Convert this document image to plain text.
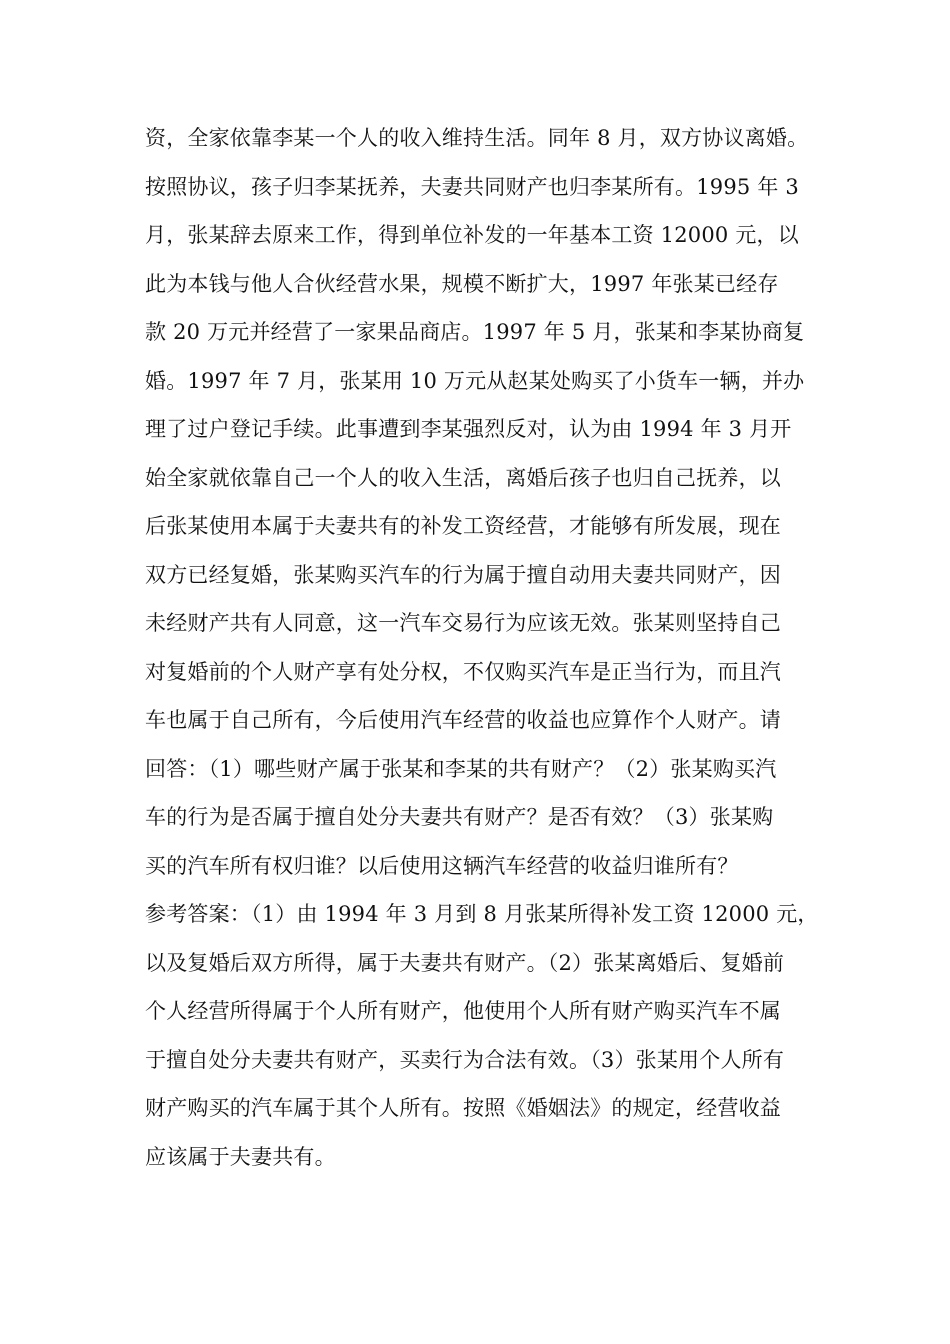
资，全家依靠李某一个人的收入维持生活。同年 8 月，双方协议离婚。
按照协议，孩子归李某抚养，夫妻共同财产也归李某所有。1995 年 3
月，张某辞去原来工作，得到单位补发的一年基本工资 12000 元，以
此为本钱与他人合伙经营水果，规模不断扩大，1997 年张某已经存
款 20 万元并经营了一家果品商店。1997 年 5 月，张某和李某协商复
婚。1997 年 7 月，张某用 10 万元从赵某处购买了小货车一辆，并办
理了过户登记手续。此事遭到李某强烈反对，认为由 1994 年 3 月开
始全家就依靠自己一个人的收入生活，离婚后孩子也归自己抚养，以
后张某使用本属于夫妻共有的补发工资经营，才能够有所发展，现在
双方已经复婚，张某购买汽车的行为属于擅自动用夫妻共同财产，因
未经财产共有人同意，这一汽车交易行为应该无效。张某则坚持自己
对复婚前的个人财产享有处分权，不仅购买汽车是正当行为，而且汽
车也属于自己所有，今后使用汽车经营的收益也应算作个人财产。请
回答：（1）哪些财产属于张某和李某的共有财产？（2）张某购买汽
车的行为是否属于擅自处分夫妻共有财产？是否有效？（3）张某购
买的汽车所有权归谁？以后使用这辆汽车经营的收益归谁所有？
参考答案：（1）由 1994 年 3 月到 8 月张某所得补发工资 12000 元，
以及复婚后双方所得，属于夫妻共有财产。（2）张某离婚后、复婚前
个人经营所得属于个人所有财产，他使用个人所有财产购买汽车不属
于擅自处分夫妻共有财产，买卖行为合法有效。（3）张某用个人所有
财产购买的汽车属于其个人所有。按照《婚姻法》的规定，经营收益
应该属于夫妻共有。
